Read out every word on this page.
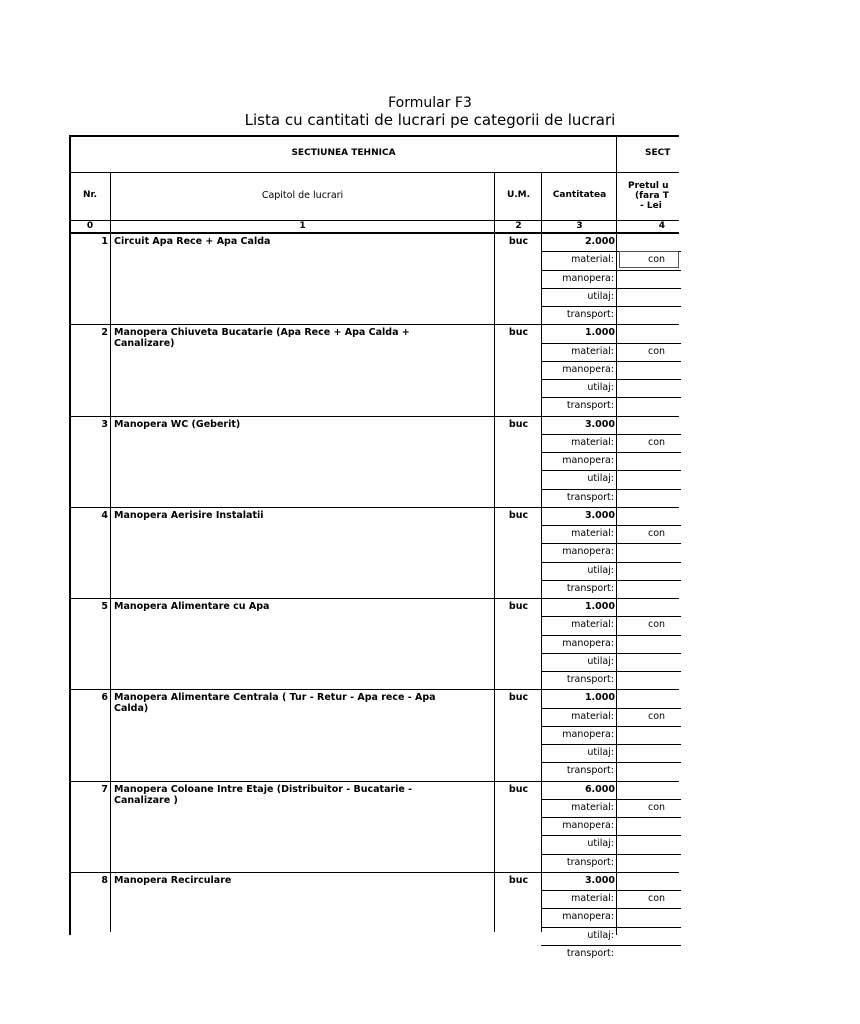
Formular F3
Lista cu cantitati de lucrari pe categorii de lucrari
SECTIUNEA TEHNICA	SECT
Nr.	Capitol de lucrari	U.M.	Cantitatea
Pretul u
(fara T
- Lei
0	1	2	3	4
1 Circuit Apa Rece + Apa Calda	buc	2.000
material:	con
manopera:
utilaj:
transport:
2 Manopera Chiuveta Bucatarie (Apa Rece + Apa Calda +
Canalizare)
buc	1.000
material:	con
manopera:
utilaj:
transport:
3 Manopera WC (Geberit)	buc	3.000
material:	con
manopera:
utilaj:
transport:
4 Manopera Aerisire Instalatii	buc	3.000
material:	con
manopera:
utilaj:
transport:
5 Manopera Alimentare cu Apa	buc	1.000
material:	con
manopera:
utilaj:
transport:
6 Manopera Alimentare Centrala ( Tur - Retur - Apa rece - Apa
Calda)
buc	1.000
material:	con
manopera:
utilaj:
transport:
7 Manopera Coloane Intre Etaje (Distribuitor - Bucatarie -
Canalizare )
buc	6.000
material:	con
manopera:
utilaj:
transport:
8 Manopera Recirculare	buc	3.000
material:	con
manopera:
utilaj:
transport:
